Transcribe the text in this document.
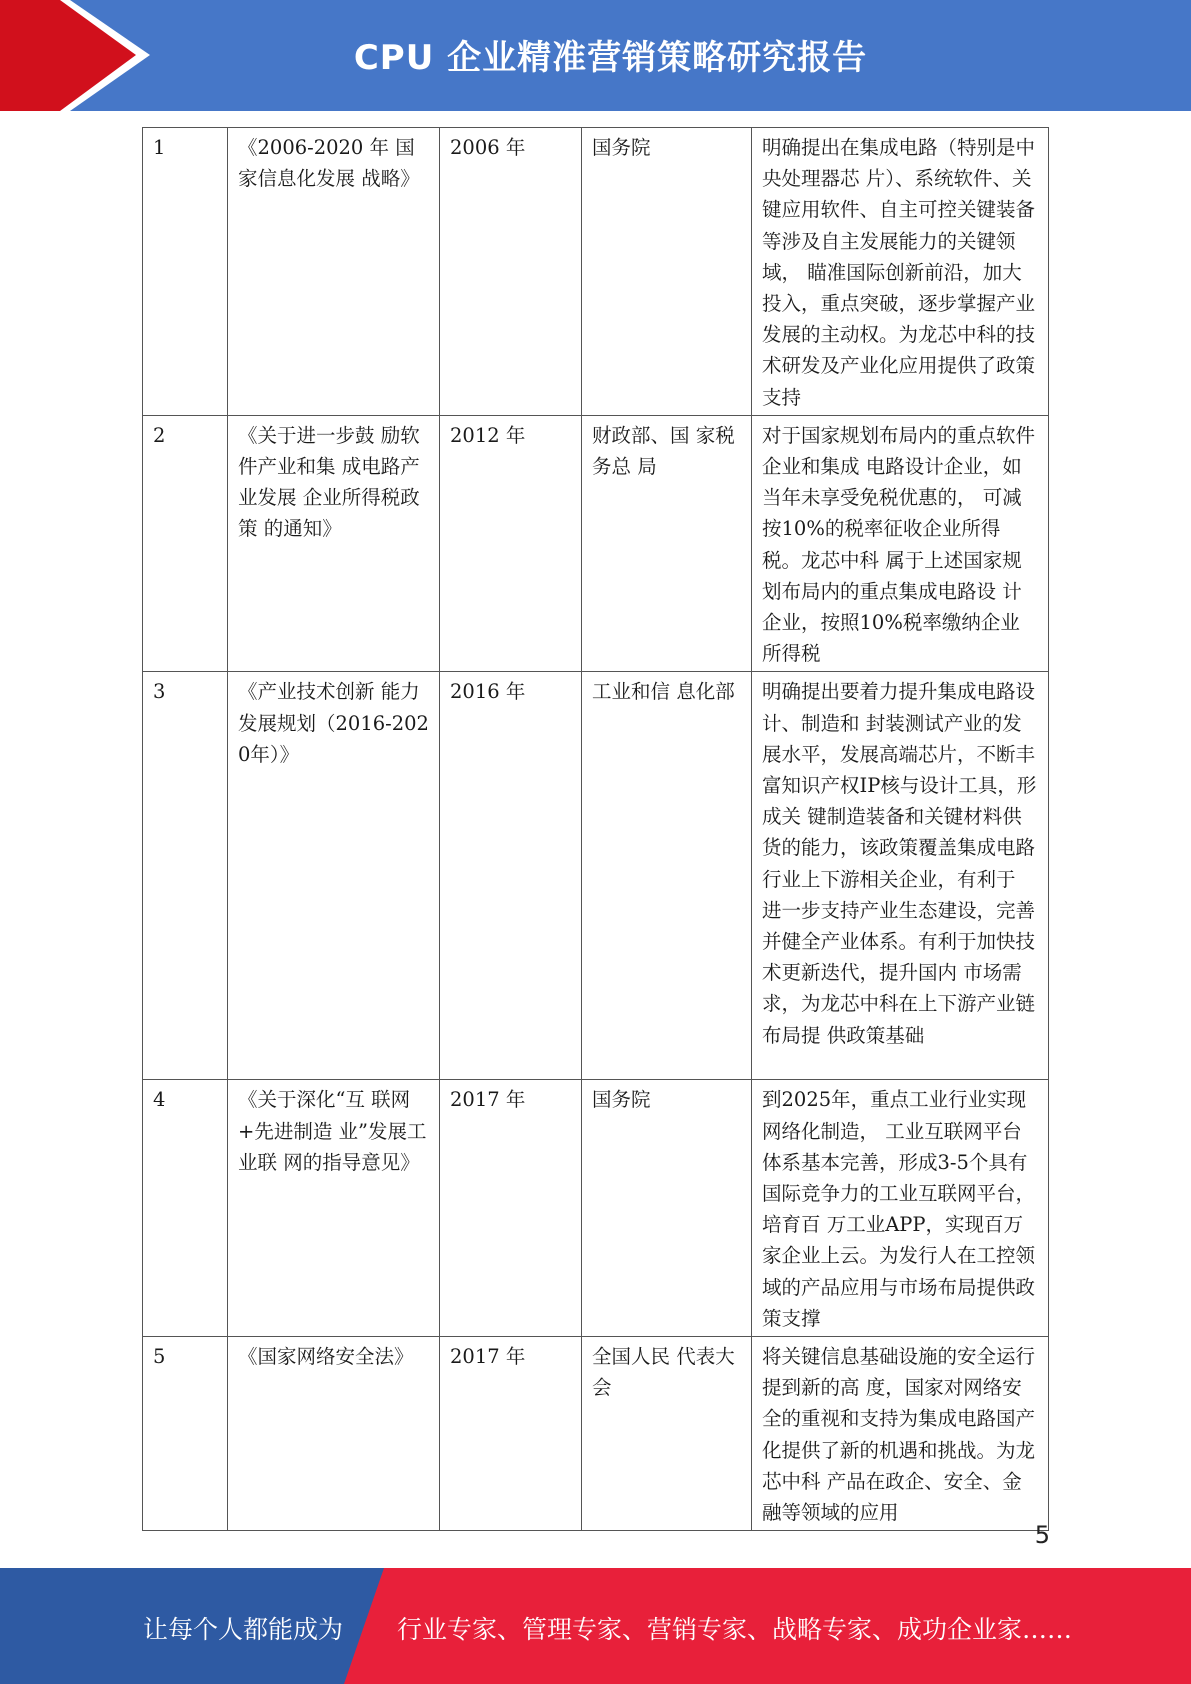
CPU 企业精准营销策略研究报告
1	《2006-2020 年 国家信息化发展 战略》	2006 年	国务院	明确提出在集成电路（特别是中央处理器芯 片）、系统软件、关键应用软件、自主可控关键装备等涉及自主发展能力的关键领域， 瞄准国际创新前沿，加大投入，重点突破，逐步掌握产业发展的主动权。为龙芯中科的技 术研发及产业化应用提供了政策支持
2	《关于进一步鼓 励软件产业和集 成电路产业发展 企业所得税政策 的通知》	2012 年	财政部、国 家税务总 局	对于国家规划布局内的重点软件企业和集成 电路设计企业，如当年未享受免税优惠的， 可减按10%的税率征收企业所得税。龙芯中科 属于上述国家规划布局内的重点集成电路设 计企业，按照10%税率缴纳企业所得税
3	《产业技术创新 能力发展规划（2016-2020年）》	2016 年	工业和信 息化部	明确提出要着力提升集成电路设计、制造和 封装测试产业的发展水平，发展高端芯片，不断丰富知识产权IP核与设计工具，形成关 键制造装备和关键材料供货的能力，该政策覆盖集成电路行业上下游相关企业，有利于 进一步支持产业生态建设，完善并健全产业体系。有利于加快技术更新迭代，提升国内 市场需求，为龙芯中科在上下游产业链布局提 供政策基础
4	《关于深化“互 联网+先进制造 业”发展工业联 网的指导意见》	2017 年	国务院	到2025年，重点工业行业实现网络化制造， 工业互联网平台体系基本完善，形成3-5个具有国际竞争力的工业互联网平台，培育百 万工业APP，实现百万家企业上云。为发行人在工控领域的产品应用与市场布局提供政 策支撑
5	《国家网络安全法》	2017 年	全国人民 代表大会	将关键信息基础设施的安全运行提到新的高 度，国家对网络安全的重视和支持为集成电路国产化提供了新的机遇和挑战。为龙芯中科 产品在政企、安全、金融等领域的应用
5
让每个人都能成为 行业专家、管理专家、营销专家、战略专家、成功企业家……
